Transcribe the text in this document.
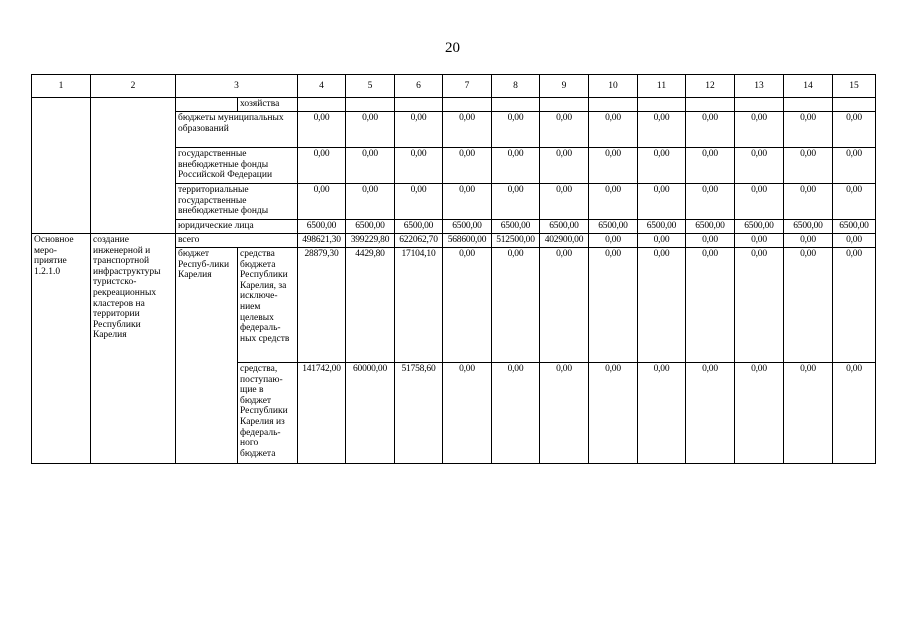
20
1	2	3		4	5	6	7	8	9	10	11	12	13	14	15
			хозяйства												
		бюджеты муниципальных образований		0,00	0,00	0,00	0,00	0,00	0,00	0,00	0,00	0,00	0,00	0,00	0,00
		государственные внебюджетные фонды Российской Федерации		0,00	0,00	0,00	0,00	0,00	0,00	0,00	0,00	0,00	0,00	0,00	0,00
		территориальные государственные внебюджетные фонды		0,00	0,00	0,00	0,00	0,00	0,00	0,00	0,00	0,00	0,00	0,00	0,00
		юридические лица		6500,00	6500,00	6500,00	6500,00	6500,00	6500,00	6500,00	6500,00	6500,00	6500,00	6500,00	6500,00
Основное меро-приятие 1.2.1.0	создание инженерной и транспортной инфраструктуры туристско-рекреационных кластеров на территории Республики Карелия	всего		498621,30	399229,80	622062,70	568600,00	512500,00	402900,00	0,00	0,00	0,00	0,00	0,00	0,00
		бюджет Респуб-лики Карелия	средства бюджета Республики Карелия, за исключе-нием целевых федераль-ных средств	28879,30	4429,80	17104,10	0,00	0,00	0,00	0,00	0,00	0,00	0,00	0,00	0,00
			средства, поступаю-щие в бюджет Республики Карелия из федераль-ного бюджета	141742,00	60000,00	51758,60	0,00	0,00	0,00	0,00	0,00	0,00	0,00	0,00	0,00
